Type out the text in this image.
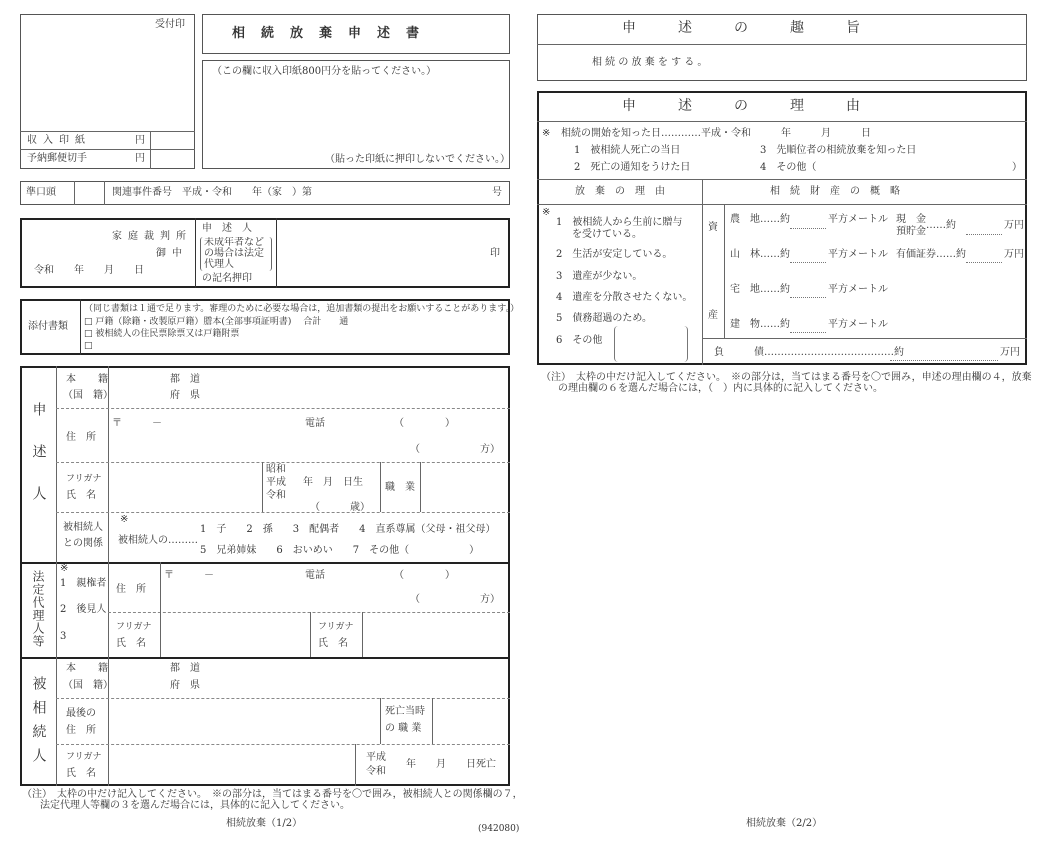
受付印
収入印紙	円
予納郵便切手	円
相続放棄申述書
（この欄に収入印紙800円分を貼ってください。）
（貼った印紙に押印しないでください。）
準口頭	関連事件番号　平成・令和　　年（家　）第	号
家庭裁判所
御中
令和　　年　　月　　日
申　述　人
未成年者などの場合は法定代理人
の記名押印
印
添付書類
（同じ書類は１通で足ります。審理のために必要な場合は，追加書類の提出をお願いすることがあります。）
□ 戸籍（除籍・改製原戸籍）謄本(全部事項証明書)　 合計　　通
□ 被相続人の住民票除票又は戸籍附票
□
申述人
本　籍
（国　籍）
都　道
府　県
住　所
〒　　　－	電話	（	）
（	方）
フリガナ
氏　名
昭和
平成
令和
年　月　日生
（　　　歳）
職　業
被相続人
との関係
※
被相続人の………
1　子　　2　孫　　3　配偶者　　4　直系尊属（父母・祖父母）
5　兄弟姉妹　　6　おいめい　　7　その他（　　　　　　）
法定代理人等
※
1　親権者
2　後見人
3
住　所
〒　　　－	電話	（	）
（	方）
フリガナ
氏　名
フリガナ
氏　名
被相続人
本　籍
（国　籍）
都　道
府　県
最後の
住　所
死亡当時
の 職 業
フリガナ
氏　名
平成
令和
年　　月　　日死亡
（注）　太枠の中だけ記入してください。　※の部分は，当てはまる番号を〇で囲み，被相続人との関係欄の７，
法定代理人等欄の３を選んだ場合には，具体的に記入してください。
相続放棄（1/2）	(942080)
申　述　の　趣　旨
相 続 の 放 棄 を す る 。
申　述　の　理　由
※ 相続の開始を知った日…………平成・令和　　　年　　　月　　　日
1　被相続人死亡の当日
2　死亡の通知をうけた日
3　先順位者の相続放棄を知った日
4　その他（	）
放　棄　の　理　由	相　続　財　産　の　概　略
※
1　被相続人から生前に贈与
を受けている。
2　生活が安定している。
3　遺産が少ない。
4　遺産を分散させたくない。
5　債務超過のため。
6　その他
資
産
農　地……約	平方メートル 現　金
預貯金
……約	万円
山　林……約	平方メートル 有価証券……約	万円
宅　地……約	平方メートル
建　物……約	平方メートル
負　　　債…………………………………約	万円
（注）　太枠の中だけ記入してください。　※の部分は，当てはまる番号を〇で囲み，申述の理由欄の４，放棄
の理由欄の６を選んだ場合には，（　）内に具体的に記入してください。
相続放棄（2/2）
